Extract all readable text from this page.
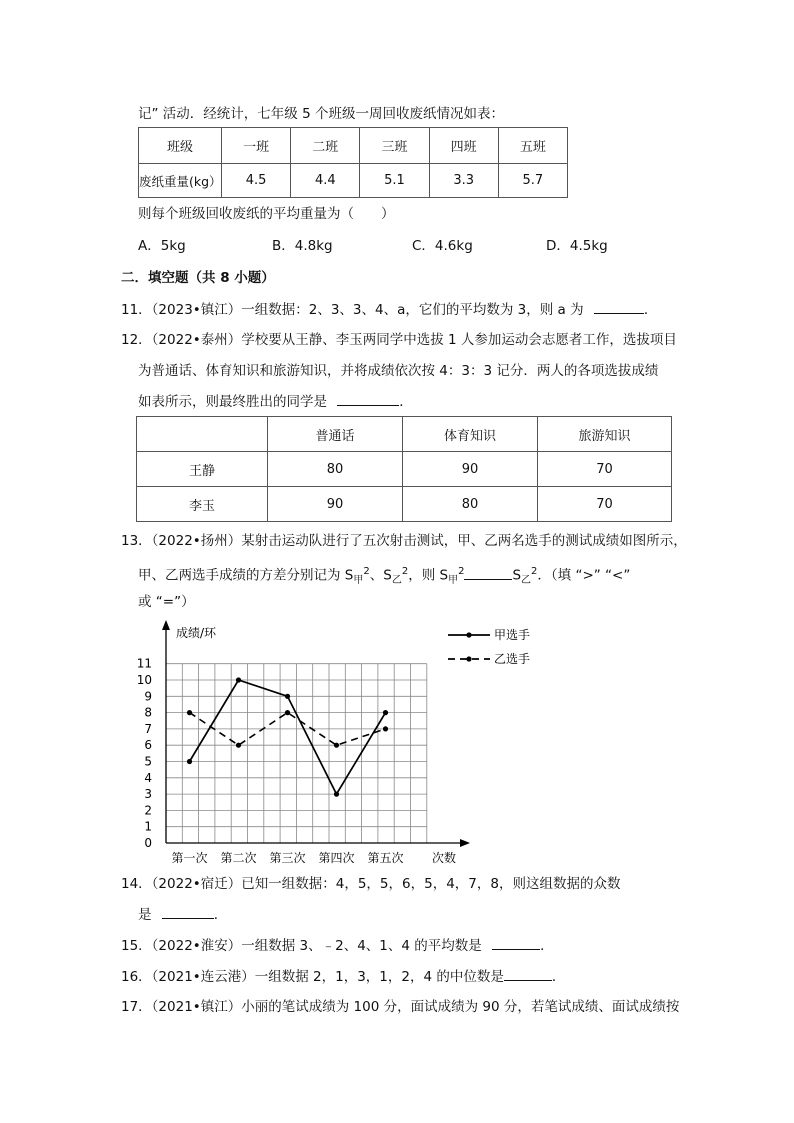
记” 活动．经统计，七年级 5 个班级一周回收废纸情况如表：
班级	一班	二班	三班	四班	五班
废纸重量(kg）	4.5	4.4	5.1	3.3	5.7
则每个班级回收废纸的平均重量为（　　）
A．5kg	B．4.8kg	C．4.6kg	D．4.5kg
二．填空题（共 8 小题）
11．（2023•镇江）一组数据：2、3、3、4、a，它们的平均数为 3，则 a 为	．
12．（2022•泰州）学校要从王静、李玉两同学中选拔 1 人参加运动会志愿者工作，选拔项目
为普通话、体育知识和旅游知识，并将成绩依次按 4：3：3 记分．两人的各项选拔成绩
如表所示，则最终胜出的同学是	．
	普通话	体育知识	旅游知识
王静	80	90	70
李玉	90	80	70
13．（2022•扬州）某射击运动队进行了五次射击测试，甲、乙两名选手的测试成绩如图所示，
甲、乙两选手成绩的方差分别记为 $S_甲^2$、$S_乙^2$，则 $S_甲^2$	$S_乙^2$．（填 “>” “<”
或 “=”）
0
1
2
3
4
5
6
7
8
9
10
11
第一次 第二次 第三次 第四次 第五次
成绩/环
次数
甲选手
乙选手
14．（2022•宿迁）已知一组数据：4，5，5，6，5，4，7，8，则这组数据的众数
是	．
15．（2022•淮安）一组数据 3、﹣2、4、1、4 的平均数是	．
16．（2021•连云港）一组数据 2，1，3，1，2，4 的中位数是	．
17．（2021•镇江）小丽的笔试成绩为 100 分，面试成绩为 90 分，若笔试成绩、面试成绩按
